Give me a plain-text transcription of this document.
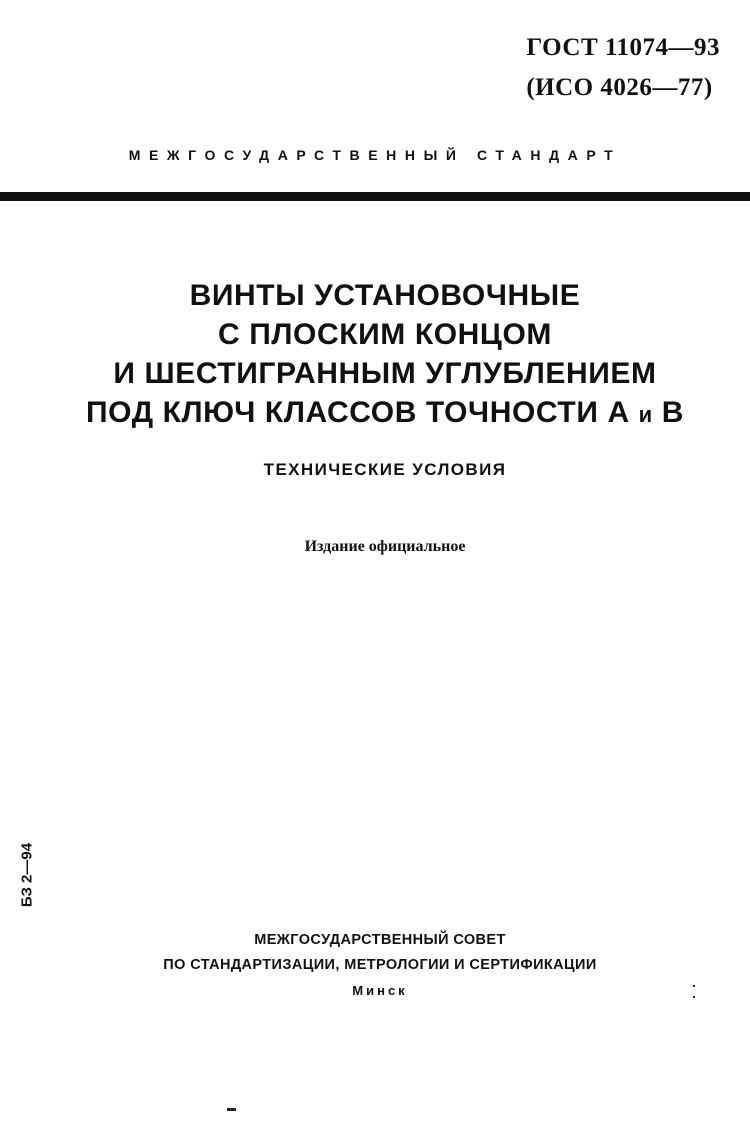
ГОСТ 11074—93
(ИСО 4026—77)
МЕЖГОСУДАРСТВЕННЫЙ СТАНДАРТ
ВИНТЫ УСТАНОВОЧНЫЕ
С ПЛОСКИМ КОНЦОМ
И ШЕСТИГРАННЫМ УГЛУБЛЕНИЕМ
ПОД КЛЮЧ КЛАССОВ ТОЧНОСТИ А и В
ТЕХНИЧЕСКИЕ УСЛОВИЯ
Издание официальное
БЗ 2—94
МЕЖГОСУДАРСТВЕННЫЙ СОВЕТ
ПО СТАНДАРТИЗАЦИИ, МЕТРОЛОГИИ И СЕРТИФИКАЦИИ
Минск
